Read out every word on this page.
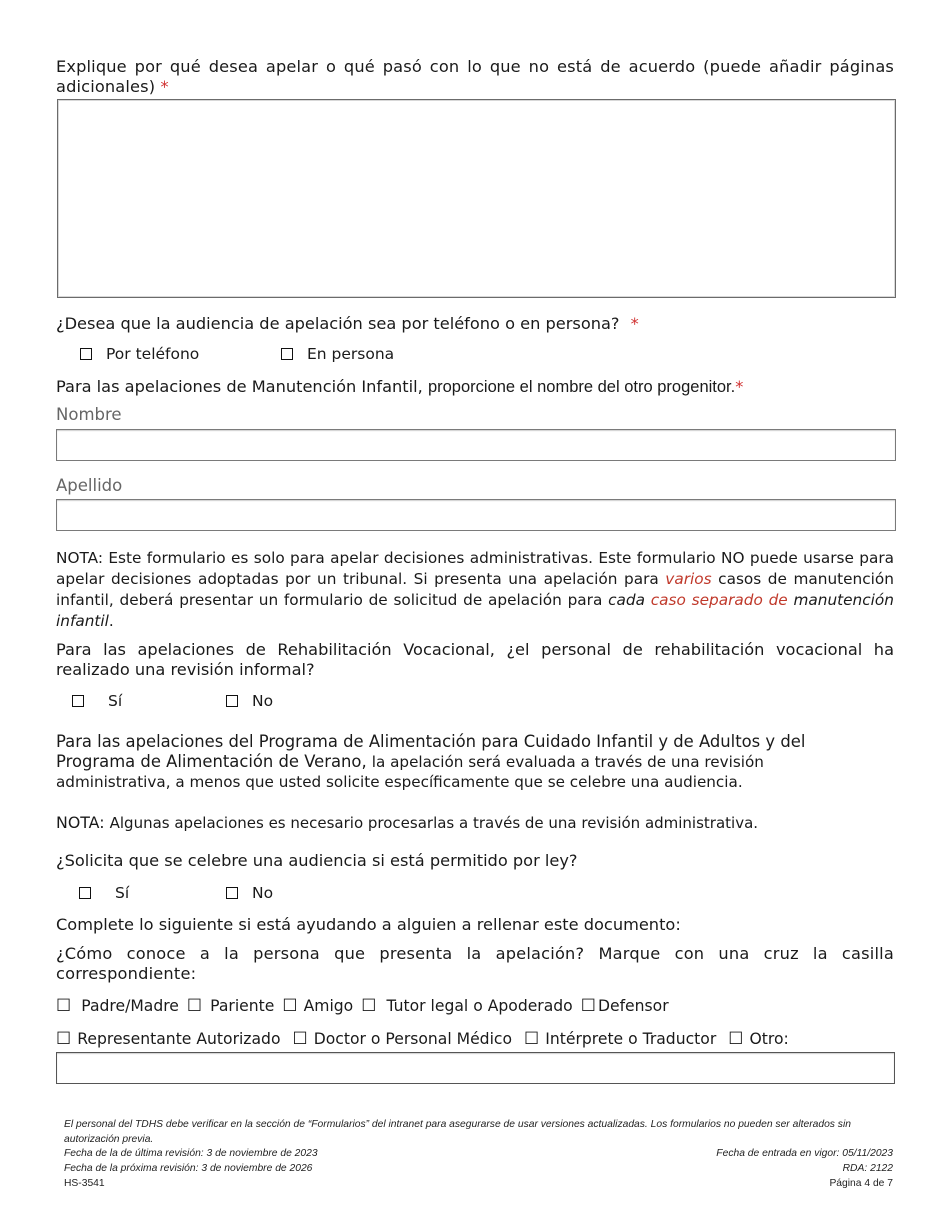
Explique por qué desea apelar o qué pasó con lo que no está de acuerdo (puede añadir páginas adicionales) *
¿Desea que la audiencia de apelación sea por teléfono o en persona? *
Por teléfono	En persona
Para las apelaciones de Manutención Infantil, proporcione el nombre del otro progenitor.*
Nombre
Apellido
NOTA: Este formulario es solo para apelar decisiones administrativas. Este formulario NO puede usarse para apelar decisiones adoptadas por un tribunal. Si presenta una apelación para varios casos de manutención infantil, deberá presentar un formulario de solicitud de apelación para cada caso separado de manutención infantil.
Para las apelaciones de Rehabilitación Vocacional, ¿el personal de rehabilitación vocacional ha realizado una revisión informal?
Sí	No
Para las apelaciones del Programa de Alimentación para Cuidado Infantil y de Adultos y del Programa de Alimentación de Verano, la apelación será evaluada a través de una revisión administrativa, a menos que usted solicite específicamente que se celebre una audiencia.
NOTA: Algunas apelaciones es necesario procesarlas a través de una revisión administrativa.
¿Solicita que se celebre una audiencia si está permitido por ley?
Sí	No
Complete lo siguiente si está ayudando a alguien a rellenar este documento:
¿Cómo conoce a la persona que presenta la apelación? Marque con una cruz la casilla correspondiente:
☐ Padre/Madre ☐ Pariente ☐ Amigo ☐ Tutor legal o Apoderado ☐ Defensor
☐ Representante Autorizado ☐ Doctor o Personal Médico ☐ Intérprete o Traductor ☐ Otro:
El personal del TDHS debe verificar en la sección de “Formularios” del intranet para asegurarse de usar versiones actualizadas. Los formularios no pueden ser alterados sin autorización previa.
Fecha de la de última revisión: 3 de noviembre de 2023
Fecha de la próxima revisión: 3 de noviembre de 2026
HS-3541
Fecha de entrada en vigor: 05/11/2023
RDA: 2122
Página 4 de 7
